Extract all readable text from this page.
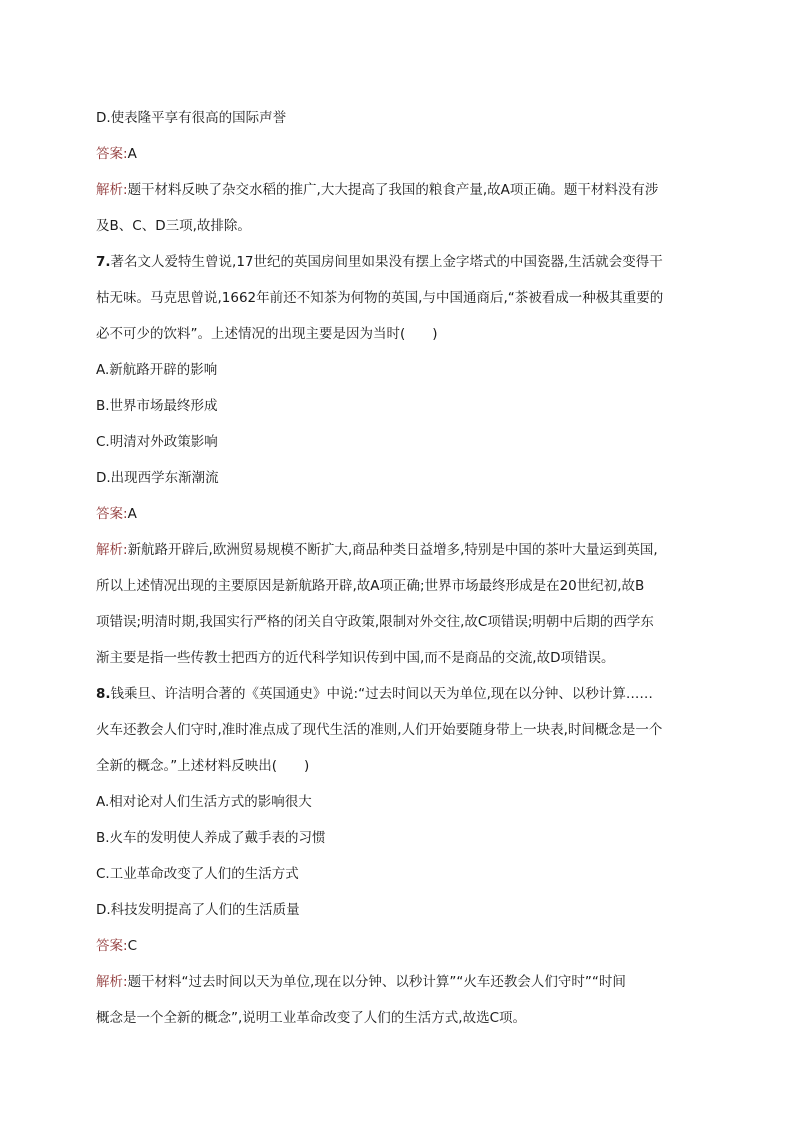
D.使表隆平享有很高的国际声誉
答案: A
解析: 题干材料反映了杂交水稻的推广,大大提高了我国的粮食产量,故A项正确。题干材料没有涉
及B、C、D三项,故排除。
7. 著名文人爱特生曾说,17世纪的英国房间里如果没有摆上金字塔式的中国瓷器,生活就会变得干
枯无味。马克思曾说,1662年前还不知茶为何物的英国,与中国通商后,“茶被看成一种极其重要的
必不可少的饮料”。上述情况的出现主要是因为当时(　　)
A.新航路开辟的影响
B.世界市场最终形成
C.明清对外政策影响
D.出现西学东渐潮流
答案: A
解析: 新航路开辟后,欧洲贸易规模不断扩大,商品种类日益增多,特别是中国的茶叶大量运到英国,
所以上述情况出现的主要原因是新航路开辟,故A项正确;世界市场最终形成是在20世纪初,故B
项错误;明清时期,我国实行严格的闭关自守政策,限制对外交往,故C项错误;明朝中后期的西学东
渐主要是指一些传教士把西方的近代科学知识传到中国,而不是商品的交流,故D项错误。
8. 钱乘旦、许洁明合著的《英国通史》中说:“过去时间以天为单位,现在以分钟、以秒计算……
火车还教会人们守时,准时准点成了现代生活的准则,人们开始要随身带上一块表,时间概念是一个
全新的概念。”上述材料反映出(　　)
A.相对论对人们生活方式的影响很大
B.火车的发明使人养成了戴手表的习惯
C.工业革命改变了人们的生活方式
D.科技发明提高了人们的生活质量
答案: C
解析: 题干材料“过去时间以天为单位,现在以分钟、以秒计算”“火车还教会人们守时”“时间
概念是一个全新的概念”,说明工业革命改变了人们的生活方式,故选C项。
